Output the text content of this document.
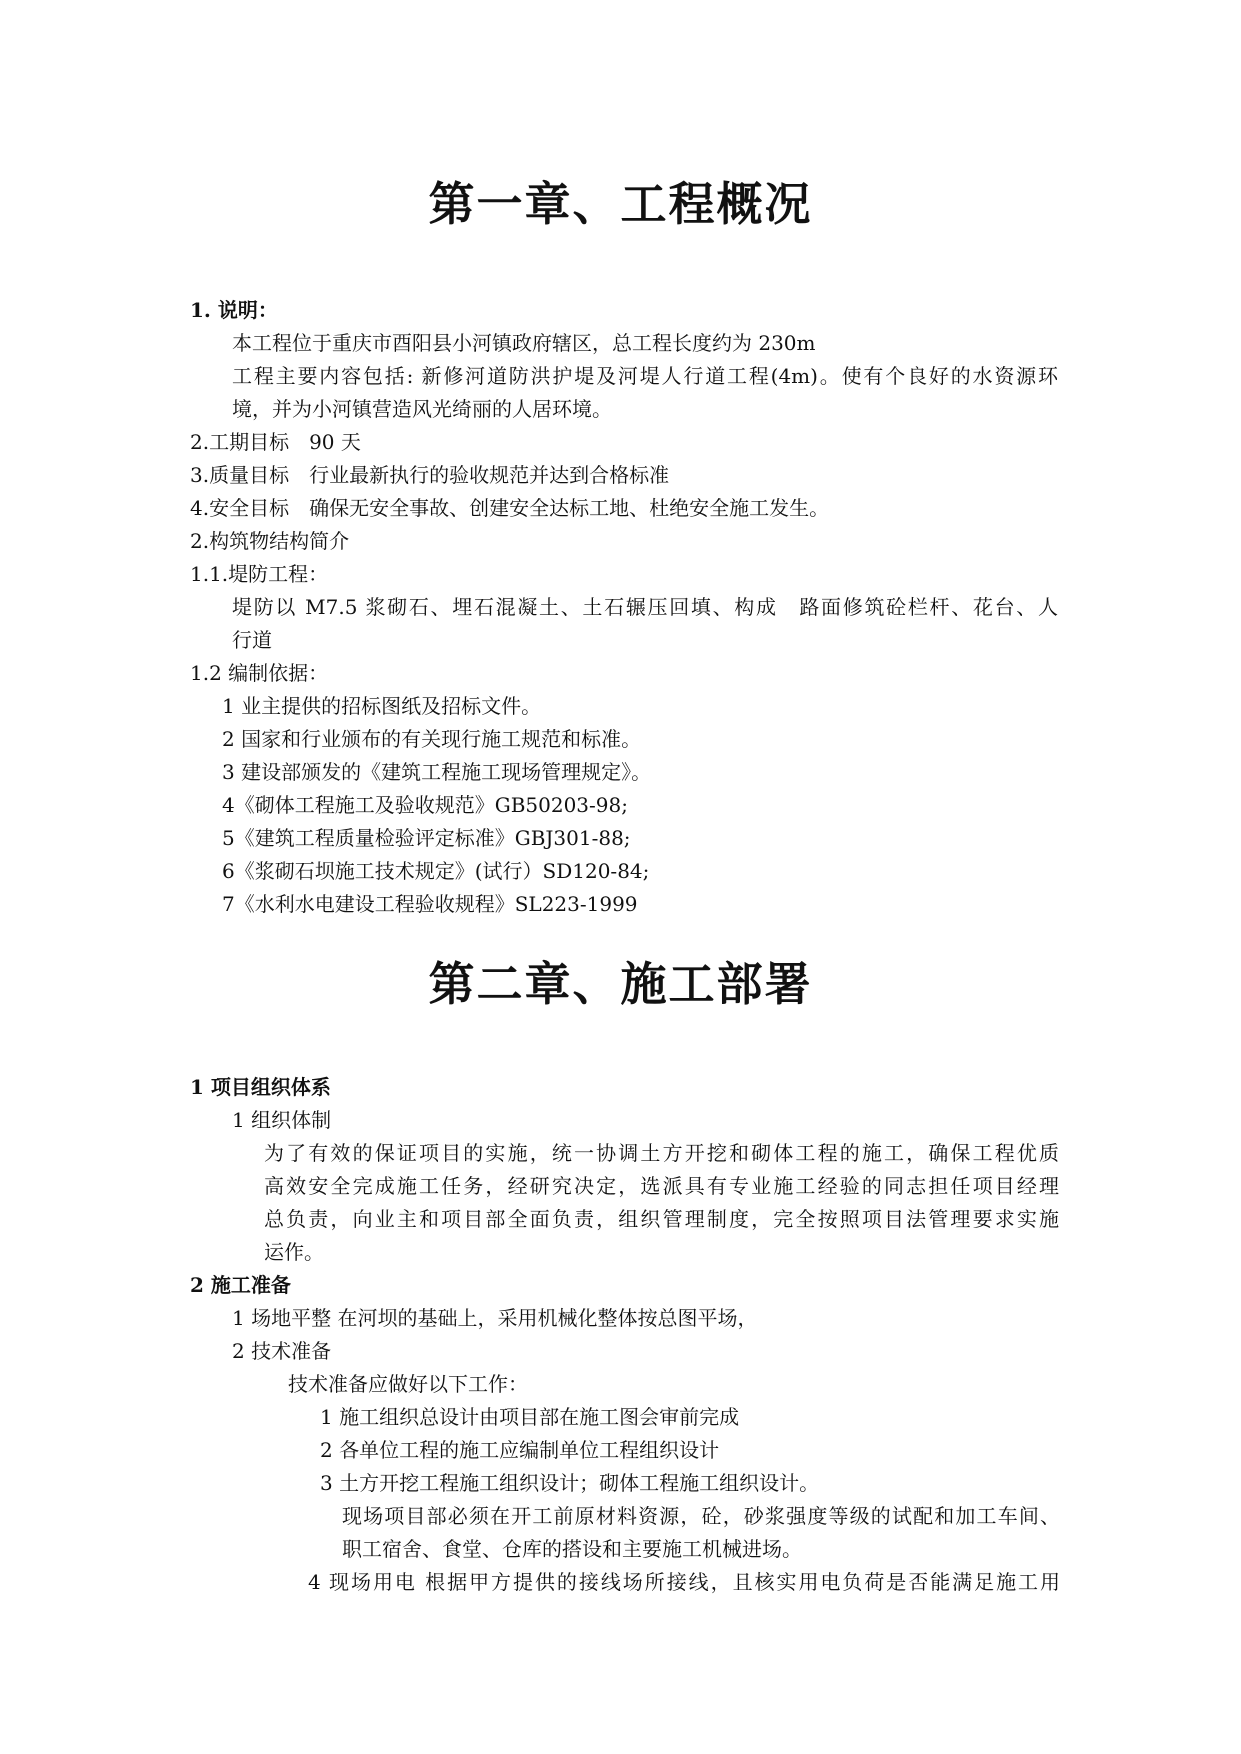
第一章、工程概况

1. 说明：

本工程位于重庆市酉阳县小河镇政府辖区，总工程长度约为 230m

工程主要内容包括: 新修河道防洪护堤及河堤人行道工程(4m)。使有个良好的水资源环

境，并为小河镇营造风光绮丽的人居环境。

2.工期目标　90 天

3.质量目标　行业最新执行的验收规范并达到合格标准

4.安全目标　确保无安全事故、创建安全达标工地、杜绝安全施工发生。

2.构筑物结构简介

1.1.堤防工程：

堤防以 M7.5 浆砌石、埋石混凝土、土石辗压回填、构成　路面修筑砼栏杆、花台、人

行道

1.2 编制依据：

1 业主提供的招标图纸及招标文件。

2 国家和行业颁布的有关现行施工规范和标准。

3 建设部颁发的《建筑工程施工现场管理规定》。

4《砌体工程施工及验收规范》GB50203-98;

5《建筑工程质量检验评定标准》GBJ301-88;

6《浆砌石坝施工技术规定》(试行）SD120-84;

7《水利水电建设工程验收规程》SL223-1999

第二章、施工部署

1 项目组织体系

1 组织体制

为了有效的保证项目的实施，统一协调土方开挖和砌体工程的施工，确保工程优质

高效安全完成施工任务，经研究决定，选派具有专业施工经验的同志担任项目经理

总负责，向业主和项目部全面负责，组织管理制度，完全按照项目法管理要求实施

运作。

2 施工准备

1 场地平整 在河坝的基础上，采用机械化整体按总图平场，

2 技术准备

技术准备应做好以下工作：

1 施工组织总设计由项目部在施工图会审前完成

2 各单位工程的施工应编制单位工程组织设计

3 土方开挖工程施工组织设计；砌体工程施工组织设计。

现场项目部必须在开工前原材料资源，砼，砂浆强度等级的试配和加工车间、

职工宿舍、食堂、仓库的搭设和主要施工机械进场。

4 现场用电 根据甲方提供的接线场所接线，且核实用电负荷是否能满足施工用
